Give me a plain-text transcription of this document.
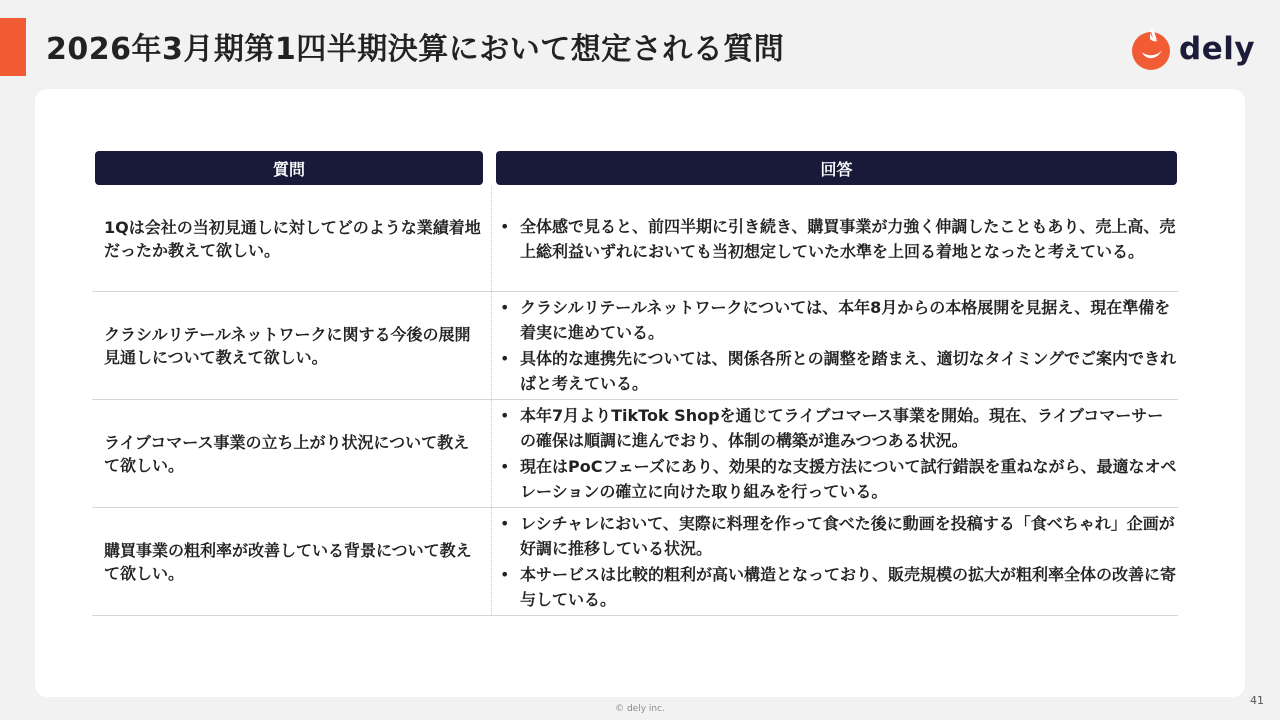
2026年3月期第1四半期決算において想定される質問	dely
質問	回答
1Qは会社の当初見通しに対してどのような業績着地だったか教えて欲しい。
• 全体感で見ると、前四半期に引き続き、購買事業が力強く伸調したこともあり、売上高、売上総利益いずれにおいても当初想定していた水準を上回る着地となったと考えている。
クラシルリテールネットワークに関する今後の展開見通しについて教えて欲しい。
• クラシルリテールネットワークについては、本年8月からの本格展開を見据え、現在準備を着実に進めている。
• 具体的な連携先については、関係各所との調整を踏まえ、適切なタイミングでご案内できればと考えている。
ライブコマース事業の立ち上がり状況について教えて欲しい。
• 本年7月よりTikTok Shopを通じてライブコマース事業を開始。現在、ライブコマーサーの確保は順調に進んでおり、体制の構築が進みつつある状況。
• 現在はPoCフェーズにあり、効果的な支援方法について試行錯誤を重ねながら、最適なオペレーションの確立に向けた取り組みを行っている。
購買事業の粗利率が改善している背景について教えて欲しい。
• レシチャレにおいて、実際に料理を作って食べた後に動画を投稿する「食べちゃれ」企画が好調に推移している状況。
• 本サービスは比較的粗利が高い構造となっており、販売規模の拡大が粗利率全体の改善に寄与している。
© dely inc.
41
